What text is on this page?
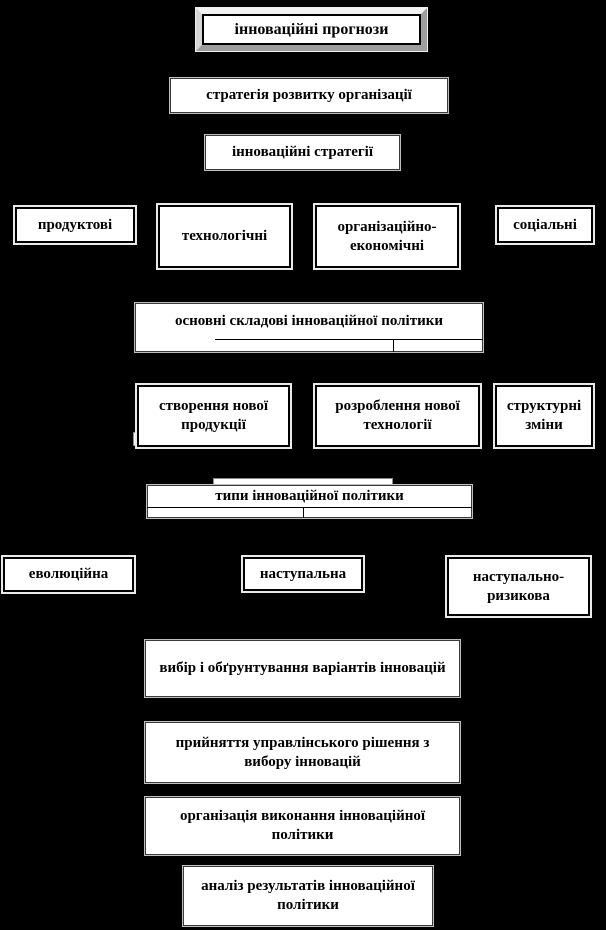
інноваційні прогнози
стратегія розвитку організації
інноваційні стратегії
продуктові
технологічні
організаційно-економічні
соціальні
основні складові інноваційної політики
створення нової продукції
розроблення нової технології
структурні зміни
типи інноваційної політики
еволюційна	наступальна	наступально-ризикова
вибір і обґрунтування варіантів інновацій
прийняття управлінського рішення з вибору інновацій
організація виконання інноваційної політики
аналіз результатів інноваційної політики
